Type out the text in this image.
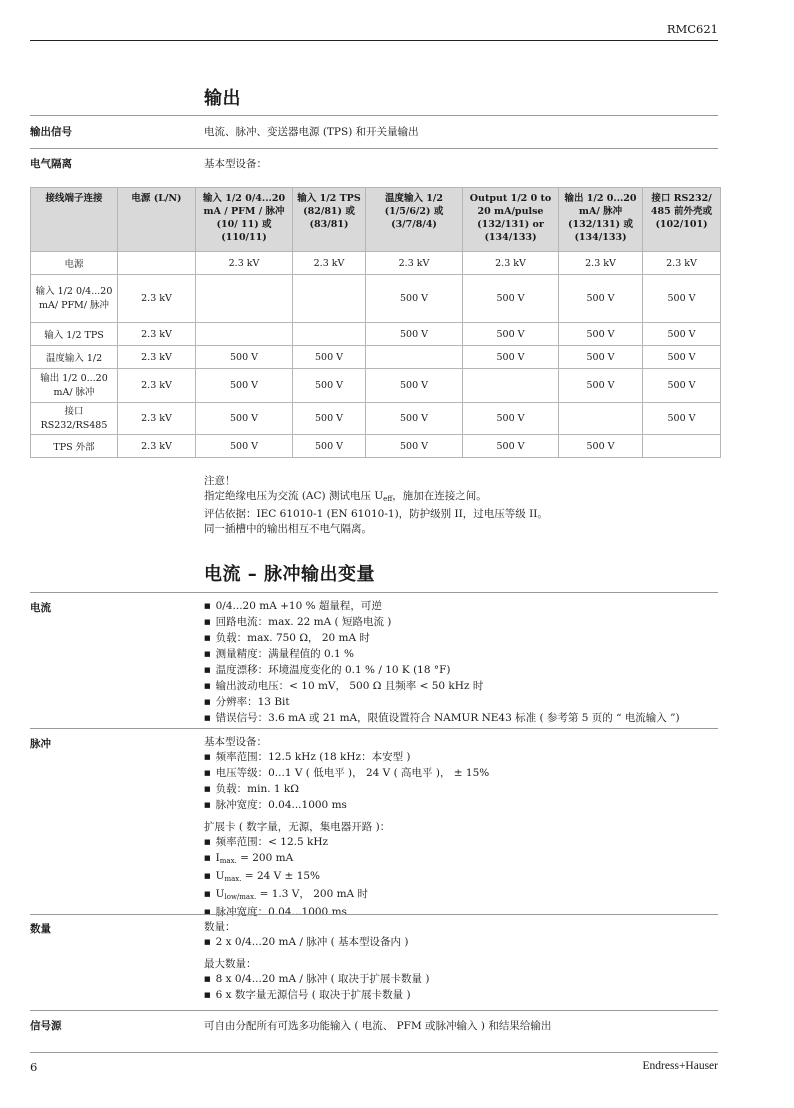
RMC621
输出
输出信号	电流、脉冲、变送器电源 (TPS) 和开关量输出
电气隔离	基本型设备：
接线端子连接	电源 (L/N)	输入 1/2 0/4...20 mA / PFM / 脉冲 (10/ 11) 或 (110/11)	输入 1/2 TPS (82/81) 或 (83/81)	温度输入 1/2 (1/5/6/2) 或 (3/7/8/4)	Output 1/2 0 to 20 mA/pulse (132/131) or (134/133)	输出 1/2 0...20 mA/ 脉冲 (132/131) 或 (134/133)	接口 RS232/ 485 前外壳或 (102/101)
电源		2.3 kV	2.3 kV	2.3 kV	2.3 kV	2.3 kV	2.3 kV
输入 1/2 0/4...20 mA/ PFM/ 脉冲	2.3 kV			500 V	500 V	500 V	500 V
输入 1/2 TPS	2.3 kV			500 V	500 V	500 V	500 V
温度输入 1/2	2.3 kV	500 V	500 V		500 V	500 V	500 V
输出 1/2 0...20 mA/ 脉冲	2.3 kV	500 V	500 V	500 V		500 V	500 V
接口 RS232/RS485	2.3 kV	500 V	500 V	500 V	500 V		500 V
TPS 外部	2.3 kV	500 V	500 V	500 V	500 V	500 V	
注意！
指定绝缘电压为交流 (AC) 测试电压 $U_{eff}$，施加在连接之间。
评估依据：IEC 61010-1 (EN 61010-1)，防护级别 II，过电压等级 II。
同一插槽中的输出相互不电气隔离。
电流 – 脉冲输出变量
电流	■ 0/4...20 mA +10 % 超量程，可逆
■ 回路电流：max. 22 mA ( 短路电流 )
■ 负载：max. 750 Ω， 20 mA 时
■ 测量精度：满量程值的 0.1 %
■ 温度漂移：环境温度变化的 0.1 % / 10 K (18 °F)
■ 输出波动电压：< 10 mV， 500 Ω 且频率 < 50 kHz 时
■ 分辨率：13 Bit
■ 错误信号：3.6 mA 或 21 mA，限值设置符合 NAMUR NE43 标准 ( 参考第 5 页的 “ 电流输入 ”)
脉冲	基本型设备：
■ 频率范围：12.5 kHz (18 kHz：本安型 )
■ 电压等级：0...1 V ( 低电平 )， 24 V ( 高电平 )， ± 15%
■ 负载：min. 1 kΩ
■ 脉冲宽度：0.04...1000 ms
扩展卡 ( 数字量，无源，集电器开路 )：
■ 频率范围：< 12.5 kHz
■ $I_{max.} = 200$ mA
■ $U_{max.} = 24$ V ± 15%
■ $U_{low/max.} = 1.3$ V， 200 mA 时
■ 脉冲宽度：0.04...1000 ms
数量	数量：
■ 2 x 0/4...20 mA / 脉冲 ( 基本型设备内 )
最大数量：
■ 8 x 0/4...20 mA / 脉冲 ( 取决于扩展卡数量 )
■ 6 x 数字量无源信号 ( 取决于扩展卡数量 )
信号源	可自由分配所有可选多功能输入 ( 电流、 PFM 或脉冲输入 ) 和结果给输出
6	Endress+Hauser
